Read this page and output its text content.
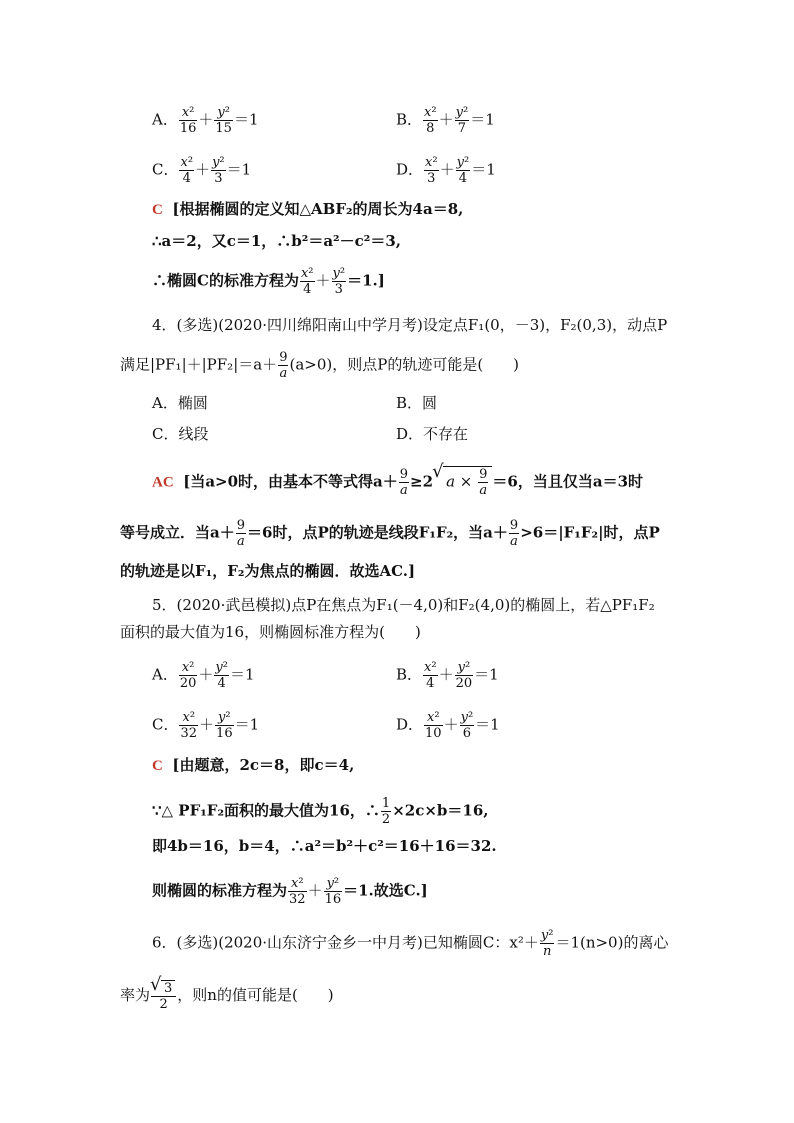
A． $\frac{\text{x²}}{16} + \frac{\text{y²}}{15} =1$	B． $\frac{\text{x²}}{8} + \frac{\text{y²}}{7} =1$
C． $\frac{\text{x²}}{4} + \frac{\text{y²}}{3} =1$	D． $\frac{\text{x²}}{3} + \frac{\text{y²}}{4} =1$
C [根据椭圆的定义知△ABF₂的周长为4a＝8,
∴a＝2，又c＝1，∴b²＝a²－c²＝3,
∴椭圆C的标准方程为 $\frac{\text{x²}}{4} + \frac{\text{y²}}{3} =1$.]
4．(多选)(2020·四川绵阳南山中学月考)设定点F₁(0，－3)，F₂(0,3)，动点P
满足$|PF_1|+|PF_2|=a+ \frac{9}{a} (a>0)$，则点P的轨迹可能是(　　)
A．椭圆	B．圆
C．线段	D．不存在
AC [当a>0时，由基本不等式得$a+ \frac{9}{a} \ge 2√$ $a \times \frac{9}{a} =6$，当且仅当a＝3时
等号成立．当$a+ \frac{9}{a} =6$时，点P的轨迹是线段F₁F₂，当$a+ \frac{9}{a} >6=|F_1F_2|$时，点P
的轨迹是以F₁，F₂为焦点的椭圆．故选AC.]
5．(2020·武邑模拟)点P在焦点为F₁(－4,0)和F₂(4,0)的椭圆上，若△PF₁F₂
面积的最大值为16，则椭圆标准方程为(　　)
A． $\frac{\text{x²}}{20} + \frac{\text{y²}}{4} =1$	B． $\frac{\text{x²}}{4} + \frac{\text{y²}}{20} =1$
C． $\frac{\text{x²}}{32} + \frac{\text{y²}}{16} =1$	D． $\frac{\text{x²}}{10} + \frac{\text{y²}}{6} =1$
C [由题意，2c＝8，即c＝4,
∵△ PF₁F₂面积的最大值为16，∴ $\frac{1}{2} \times 2c\times b=16$,
即4b＝16，b＝4，∴a²＝b²＋c²＝16＋16＝32.
则椭圆的标准方程为 $\frac{\text{x²}}{32} + \frac{\text{y²}}{16} =1$.故选C.]
6．(多选)(2020·山东济宁金乡一中月考)已知椭圆C：$x^2+ \frac{\text{y²}}{n} =1(n>0)$的离心
率为
√ $\frac{3}{2}$ ，则n的值可能是(　　)
